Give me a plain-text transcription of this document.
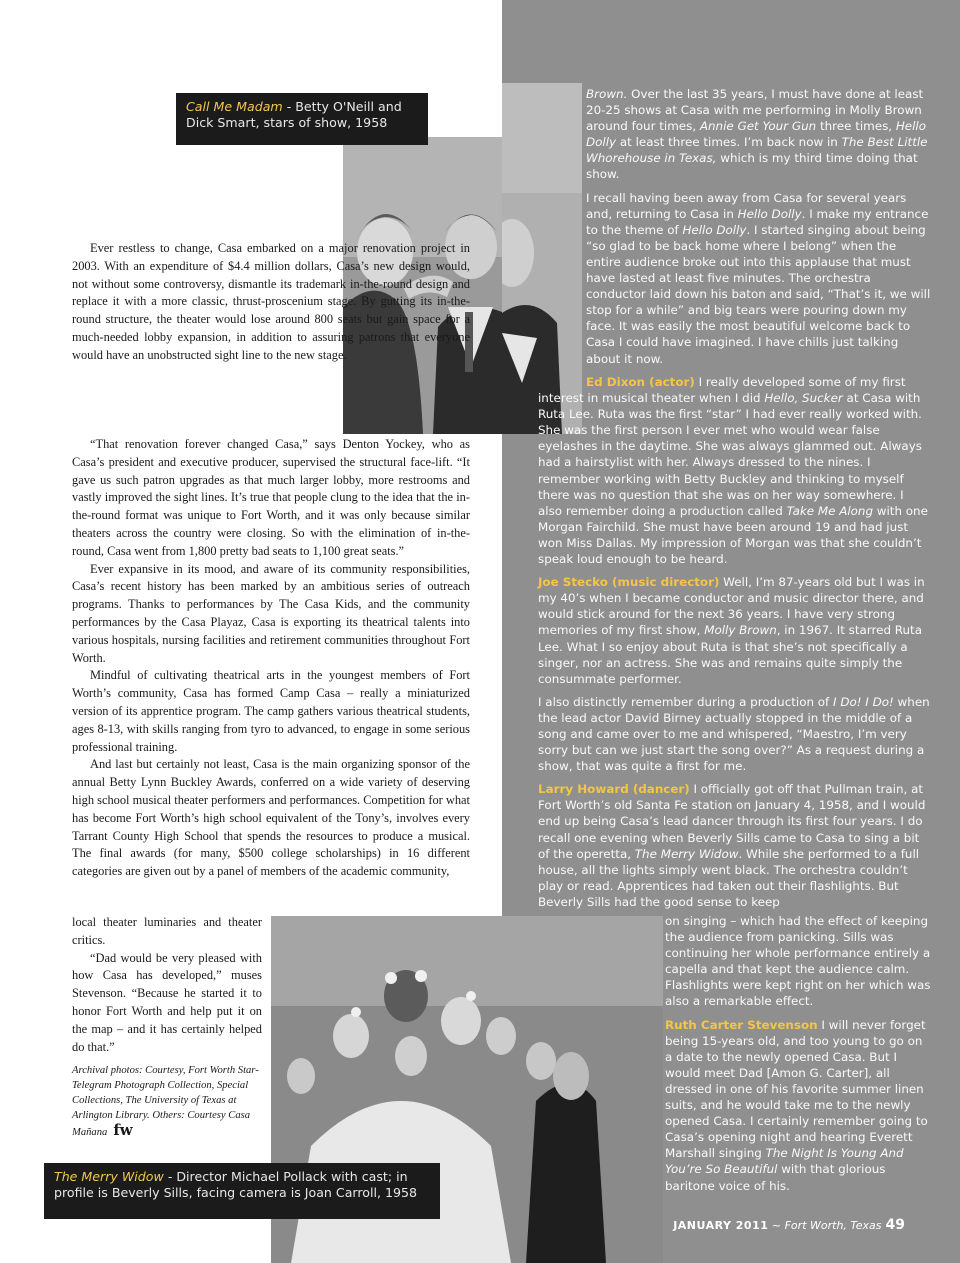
Call Me Madam - Betty O'Neill and Dick Smart, stars of show, 1958
The Merry Widow - Director Michael Pollack with cast; in profile is Beverly Sills, facing camera is Joan Carroll, 1958

Ever restless to change, Casa embarked on a major renovation project in 2003. With an expenditure of $4.4 million dollars, Casa’s new design would, not without some controversy, dismantle its trademark in-the-round design and replace it with a more classic, thrust-proscenium stage. By gutting its in-the-round structure, the theater would lose around 800 seats but gain space for a much-needed lobby expansion, in addition to assuring patrons that everyone would have an unobstructed sight line to the new stage.

“That renovation forever changed Casa,” says Denton Yockey, who as Casa’s president and executive producer, supervised the structural face-lift. “It gave us such patron upgrades as that much larger lobby, more restrooms and vastly improved the sight lines. It’s true that people clung to the idea that the in-the-round format was unique to Fort Worth, and it was only because similar theaters across the country were closing. So with the elimination of in-the-round, Casa went from 1,800 pretty bad seats to 1,100 great seats.”

Ever expansive in its mood, and aware of its community responsibilities, Casa’s recent history has been marked by an ambitious series of outreach programs. Thanks to performances by The Casa Kids, and the community performances by the Casa Playaz, Casa is exporting its theatrical talents into various hospitals, nursing facilities and retirement communities throughout Fort Worth.

Mindful of cultivating theatrical arts in the youngest members of Fort Worth’s community, Casa has formed Camp Casa – really a miniaturized version of its apprentice program. The camp gathers various theatrical students, ages 8-13, with skills ranging from tyro to advanced, to engage in some serious professional training.

And last but certainly not least, Casa is the main organizing sponsor of the annual Betty Lynn Buckley Awards, conferred on a wide variety of deserving high school musical theater performers and performances. Competition for what has become Fort Worth’s high school equivalent of the Tony’s, involves every Tarrant County High School that spends the resources to produce a musical. The final awards (for many, $500 college scholarships) in 16 different categories are given out by a panel of members of the academic community,

local theater luminaries and theater critics.

“Dad would be very pleased with how Casa has developed,” muses Stevenson. “Because he started it to honor Fort Worth and help put it on the map – and it has certainly helped do that.”

Archival photos: Courtesy, Fort Worth Star-Telegram Photograph Collection, Special Collections, The University of Texas at Arlington Library. Others: Courtesy Casa Mañana fw

Brown. Over the last 35 years, I must have done at least 20-25 shows at Casa with me performing in Molly Brown around four times, Annie Get Your Gun three times, Hello Dolly at least three times. I’m back now in The Best Little Whorehouse in Texas, which is my third time doing that show.

I recall having been away from Casa for several years and, returning to Casa in Hello Dolly. I make my entrance to the theme of Hello Dolly. I started singing about being “so glad to be back home where I belong” when the entire audience broke out into this applause that must have lasted at least five minutes. The orchestra conductor laid down his baton and said, “That’s it, we will stop for a while” and big tears were pouring down my face. It was easily the most beautiful welcome back to Casa I could have imagined. I have chills just talking about it now.

Ed Dixon (actor) I really developed some of my first interest in musical theater when I did Hello, Sucker at Casa with Ruta Lee. Ruta was the first “star” I had ever really worked with. She was the first person I ever met who would wear false eyelashes in the daytime. She was always glammed out. Always had a hairstylist with her. Always dressed to the nines. I remember working with Betty Buckley and thinking to myself there was no question that she was on her way somewhere. I also remember doing a production called Take Me Along with one Morgan Fairchild. She must have been around 19 and had just won Miss Dallas. My impression of Morgan was that she couldn’t speak loud enough to be heard.

Joe Stecko (music director) Well, I’m 87-years old but I was in my 40’s when I became conductor and music director there, and would stick around for the next 36 years. I have very strong memories of my first show, Molly Brown, in 1967. It starred Ruta Lee. What I so enjoy about Ruta is that she’s not specifically a singer, nor an actress. She was and remains quite simply the consummate performer.

I also distinctly remember during a production of I Do! I Do! when the lead actor David Birney actually stopped in the middle of a song and came over to me and whispered, “Maestro, I’m very sorry but can we just start the song over?” As a request during a show, that was quite a first for me.

Larry Howard (dancer) I officially got off that Pullman train, at Fort Worth’s old Santa Fe station on January 4, 1958, and I would end up being Casa’s lead dancer through its first four years. I do recall one evening when Beverly Sills came to Casa to sing a bit of the operetta, The Merry Widow. While she performed to a full house, all the lights simply went black. The orchestra couldn’t play or read. Apprentices had taken out their flashlights. But Beverly Sills had the good sense to keep

on singing – which had the effect of keeping the audience from panicking. Sills was continuing her whole performance entirely a capella and that kept the audience calm. Flashlights were kept right on her which was also a remarkable effect.

Ruth Carter Stevenson I will never forget being 15-years old, and too young to go on a date to the newly opened Casa. But I would meet Dad [Amon G. Carter], all dressed in one of his favorite summer linen suits, and he would take me to the newly opened Casa. I certainly remember going to Casa’s opening night and hearing Everett Marshall singing The Night Is Young And You’re So Beautiful with that glorious baritone voice of his.

JANUARY 2011 ~ Fort Worth, Texas 49
